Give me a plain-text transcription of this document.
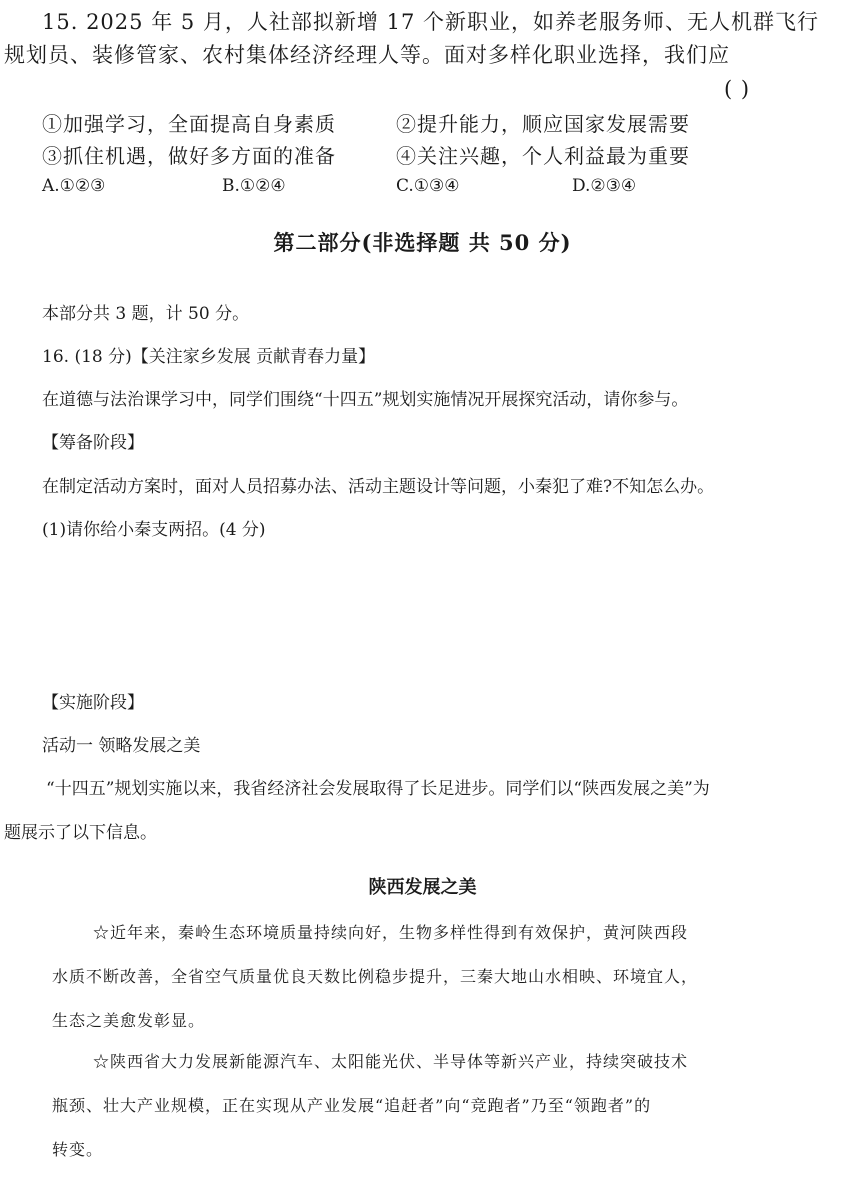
15. 2025 年 5 月，人社部拟新增 17 个新职业，如养老服务师、无人机群飞行
规划员、装修管家、农村集体经济经理人等。面对多样化职业选择，我们应
( )
①加强学习，全面提高自身素质	②提升能力，顺应国家发展需要
③抓住机遇，做好多方面的准备	④关注兴趣，个人利益最为重要
A.①②③	B.①②④	C.①③④	D.②③④
第二部分(非选择题 共 50 分)
本部分共 3 题，计 50 分。
16. (18 分)【关注家乡发展 贡献青春力量】
在道德与法治课学习中，同学们围绕“十四五”规划实施情况开展探究活动，请你参与。
【筹备阶段】
在制定活动方案时，面对人员招募办法、活动主题设计等问题，小秦犯了难?不知怎么办。
(1)请你给小秦支两招。(4 分)
【实施阶段】
活动一 领略发展之美
“十四五”规划实施以来，我省经济社会发展取得了长足进步。同学们以“陕西发展之美”为
题展示了以下信息。
陕西发展之美
☆近年来，秦岭生态环境质量持续向好，生物多样性得到有效保护，黄河陕西段
水质不断改善，全省空气质量优良天数比例稳步提升，三秦大地山水相映、环境宜人，
生态之美愈发彰显。
☆陕西省大力发展新能源汽车、太阳能光伏、半导体等新兴产业，持续突破技术
瓶颈、壮大产业规模，正在实现从产业发展“追赶者”向“竞跑者”乃至“领跑者”的
转变。
